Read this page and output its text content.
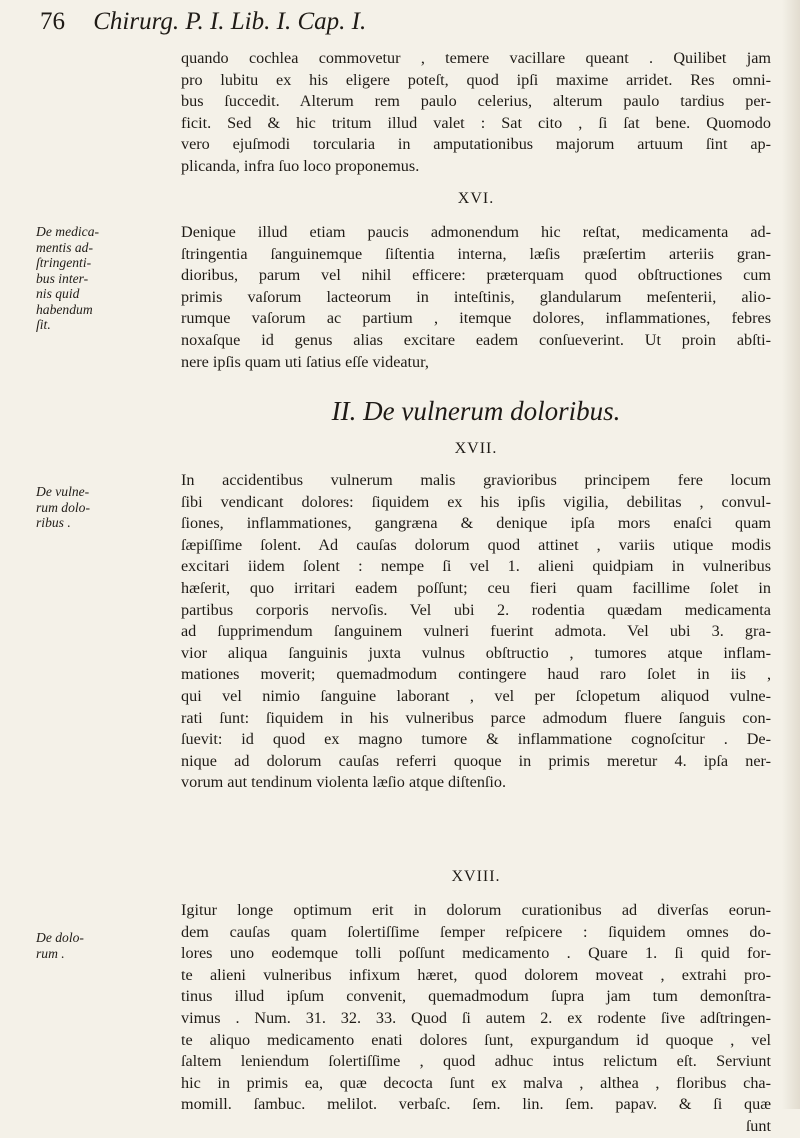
76 Chirurg. P. I. Lib. I. Cap. I.
quando cochlea commovetur , temere vacillare queant . Quilibet jam
pro lubitu ex his eligere poteſt, quod ipſi maxime arridet. Res omni-
bus ſuccedit. Alterum rem paulo celerius, alterum paulo tardius per-
ficit. Sed & hic tritum illud valet : Sat cito , ſi ſat bene. Quomodo
vero ejuſmodi torcularia in amputationibus majorum artuum ſint ap-
plicanda, infra ſuo loco proponemus.
XVI.
De medica-
mentis ad-
ſtringenti-
bus inter-
nis quid
habendum
ſit.
Denique illud etiam paucis admonendum hic reſtat, medicamenta ad-
ſtringentia ſanguinemque ſiſtentia interna, læſis præſertim arteriis gran-
dioribus, parum vel nihil efficere: præterquam quod obſtructiones cum
primis vaſorum lacteorum in inteſtinis, glandularum meſenterii, alio-
rumque vaſorum ac partium , itemque dolores, inflammationes, febres
noxaſque id genus alias excitare eadem conſueverint. Ut proin abſti-
nere ipſis quam uti ſatius eſſe videatur,
II. De vulnerum doloribus.
XVII.
De vulne-
rum dolo-
ribus .
In accidentibus vulnerum malis gravioribus principem fere locum
ſibi vendicant dolores: ſiquidem ex his ipſis vigilia, debilitas , convul-
ſiones, inflammationes, gangræna & denique ipſa mors enaſci quam
ſæpiſſime ſolent. Ad cauſas dolorum quod attinet , variis utique modis
excitari iidem ſolent : nempe ſi vel 1. alieni quidpiam in vulneribus
hæſerit, quo irritari eadem poſſunt; ceu fieri quam facillime ſolet in
partibus corporis nervoſis. Vel ubi 2. rodentia quædam medicamenta
ad ſupprimendum ſanguinem vulneri fuerint admota. Vel ubi 3. gra-
vior aliqua ſanguinis juxta vulnus obſtructio , tumores atque inflam-
mationes moverit; quemadmodum contingere haud raro ſolet in iis ,
qui vel nimio ſanguine laborant , vel per ſclopetum aliquod vulne-
rati ſunt: ſiquidem in his vulneribus parce admodum fluere ſanguis con-
ſuevit: id quod ex magno tumore & inflammatione cognoſcitur . De-
nique ad dolorum cauſas referri quoque in primis meretur 4. ipſa ner-
vorum aut tendinum violenta læſio atque diſtenſio.
XVIII.
De dolo-
rum .
Igitur longe optimum erit in dolorum curationibus ad diverſas eorun-
dem cauſas quam ſolertiſſime ſemper reſpicere : ſiquidem omnes do-
lores uno eodemque tolli poſſunt medicamento . Quare 1. ſi quid for-
te alieni vulneribus infixum hæret, quod dolorem moveat , extrahi pro-
tinus illud ipſum convenit, quemadmodum ſupra jam tum demonſtra-
vimus . Num. 31. 32. 33. Quod ſi autem 2. ex rodente ſive adſtringen-
te aliquo medicamento enati dolores ſunt, expurgandum id quoque , vel
ſaltem leniendum ſolertiſſime , quod adhuc intus relictum eſt. Serviunt
hic in primis ea, quæ decocta ſunt ex malva , althea , floribus cha-
momill. ſambuc. melilot. verbaſc. ſem. lin. ſem. papav. & ſi quæ
ſunt
